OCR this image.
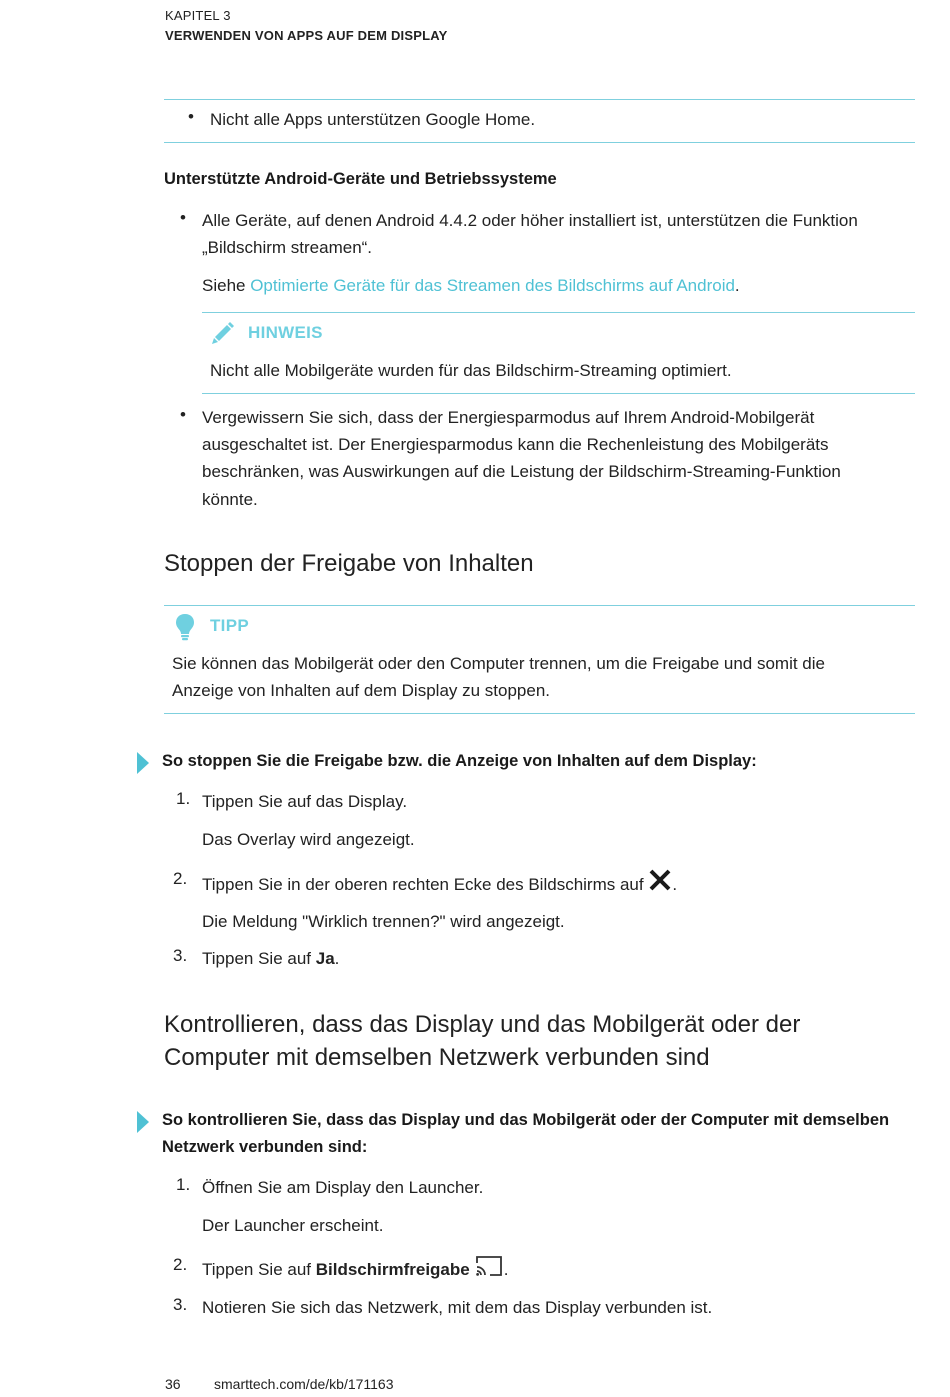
KAPITEL 3
VERWENDEN VON APPS AUF DEM DISPLAY
• Nicht alle Apps unterstützen Google Home.
Unterstützte Android-Geräte und Betriebssysteme
• Alle Geräte, auf denen Android 4.4.2 oder höher installiert ist, unterstützen die Funktion
„Bildschirm streamen“.
Siehe Optimierte Geräte für das Streamen des Bildschirms auf Android.
HINWEIS
Nicht alle Mobilgeräte wurden für das Bildschirm-Streaming optimiert.
• Vergewissern Sie sich, dass der Energiesparmodus auf Ihrem Android-Mobilgerät
ausgeschaltet ist. Der Energiesparmodus kann die Rechenleistung des Mobilgeräts
beschränken, was Auswirkungen auf die Leistung der Bildschirm-Streaming-Funktion
könnte.
Stoppen der Freigabe von Inhalten
TIPP
Sie können das Mobilgerät oder den Computer trennen, um die Freigabe und somit die
Anzeige von Inhalten auf dem Display zu stoppen.
So stoppen Sie die Freigabe bzw. die Anzeige von Inhalten auf dem Display:
1. Tippen Sie auf das Display.
Das Overlay wird angezeigt.
2. Tippen Sie in der oberen rechten Ecke des Bildschirms auf .
Die Meldung "Wirklich trennen?" wird angezeigt.
3. Tippen Sie auf Ja.
Kontrollieren, dass das Display und das Mobilgerät oder der
Computer mit demselben Netzwerk verbunden sind
So kontrollieren Sie, dass das Display und das Mobilgerät oder der Computer mit demselben
Netzwerk verbunden sind:
1. Öffnen Sie am Display den Launcher.
Der Launcher erscheint.
2. Tippen Sie auf Bildschirmfreigabe .
3. Notieren Sie sich das Netzwerk, mit dem das Display verbunden ist.
36 smarttech.com/de/kb/171163
